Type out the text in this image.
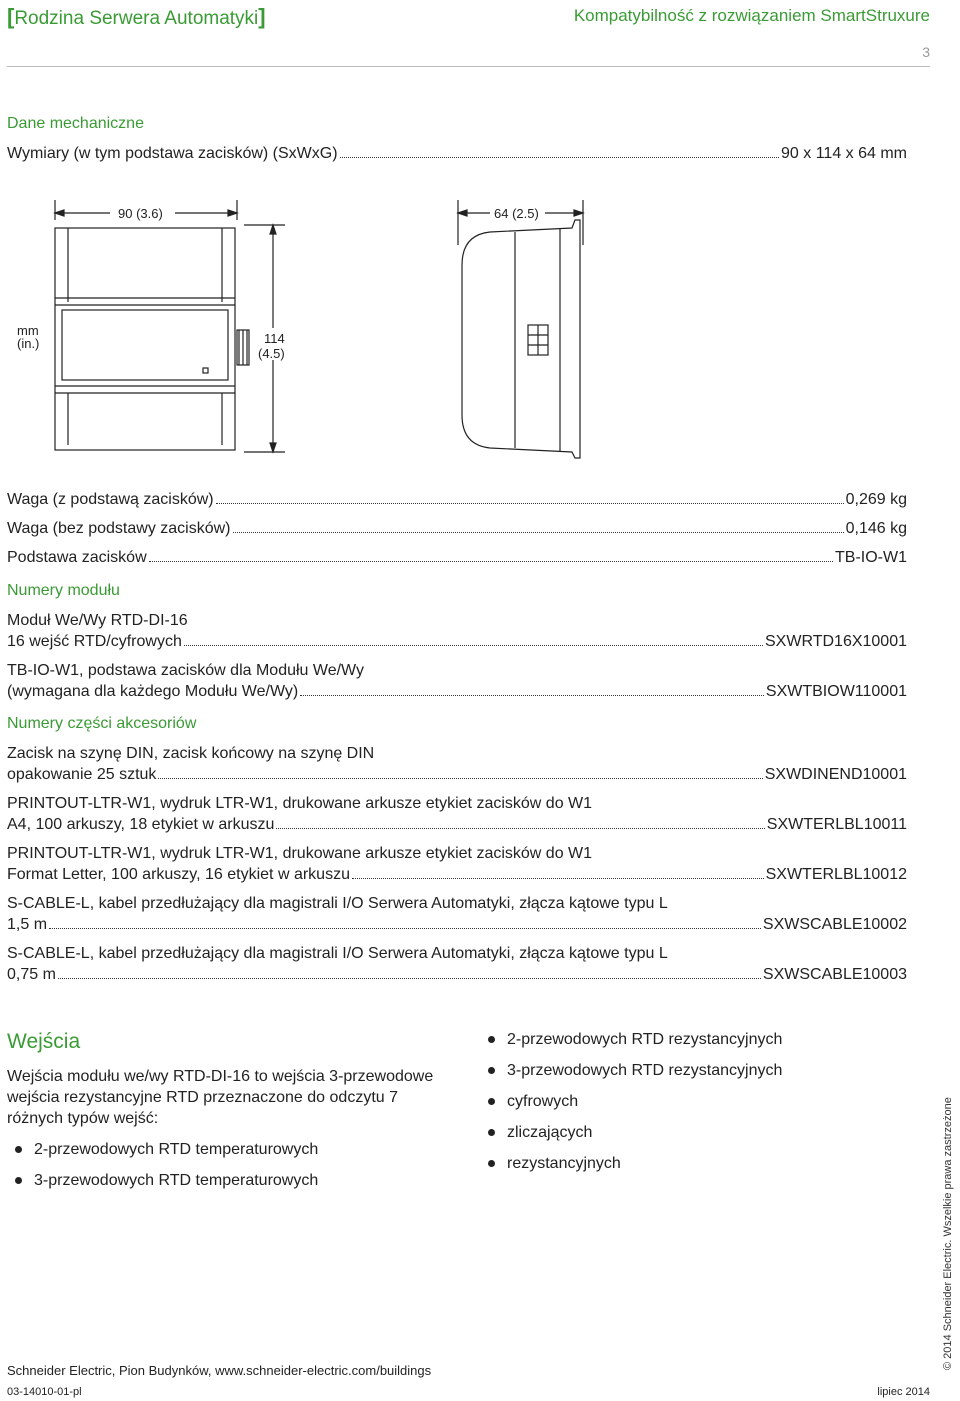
[Rodzina Serwera Automatyki]	Kompatybilność z rozwiązaniem SmartStruxure
3
Dane mechaniczne
Wymiary (w tym podstawa zacisków) (SxWxG)	90 x 114 x 64 mm
90 (3.6)	64 (2.5)
mm
(in.)	114
(4.5)
Waga (z podstawą zacisków)	0,269 kg
Waga (bez podstawy zacisków)	0,146 kg
Podstawa zacisków	TB-IO-W1
Numery modułu
Moduł We/Wy RTD-DI-16
16 wejść RTD/cyfrowych	SXWRTD16X10001
TB-IO-W1, podstawa zacisków dla Modułu We/Wy
(wymagana dla każdego Modułu We/Wy)	SXWTBIOW110001
Numery części akcesoriów
Zacisk na szynę DIN, zacisk końcowy na szynę DIN
opakowanie 25 sztuk	SXWDINEND10001
PRINTOUT-LTR-W1, wydruk LTR-W1, drukowane arkusze etykiet zacisków do W1
A4, 100 arkuszy, 18 etykiet w arkuszu	SXWTERLBL10011
PRINTOUT-LTR-W1, wydruk LTR-W1, drukowane arkusze etykiet zacisków do W1
Format Letter, 100 arkuszy, 16 etykiet w arkuszu	SXWTERLBL10012
S-CABLE-L, kabel przedłużający dla magistrali I/O Serwera Automatyki, złącza kątowe typu L
1,5 m	SXWSCABLE10002
S-CABLE-L, kabel przedłużający dla magistrali I/O Serwera Automatyki, złącza kątowe typu L
0,75 m	SXWSCABLE10003
Wejścia
Wejścia modułu we/wy RTD-DI-16 to wejścia 3-przewodowe wejścia rezystancyjne RTD przeznaczone do odczytu 7 różnych typów wejść:
2-przewodowych RTD temperaturowych
3-przewodowych RTD temperaturowych
2-przewodowych RTD rezystancyjnych
3-przewodowych RTD rezystancyjnych
cyfrowych
zliczających
rezystancyjnych
Schneider Electric, Pion Budynków, www.schneider-electric.com/buildings
03-14010-01-pl	lipiec 2014
© 2014 Schneider Electric. Wszelkie prawa zastrzeżone
